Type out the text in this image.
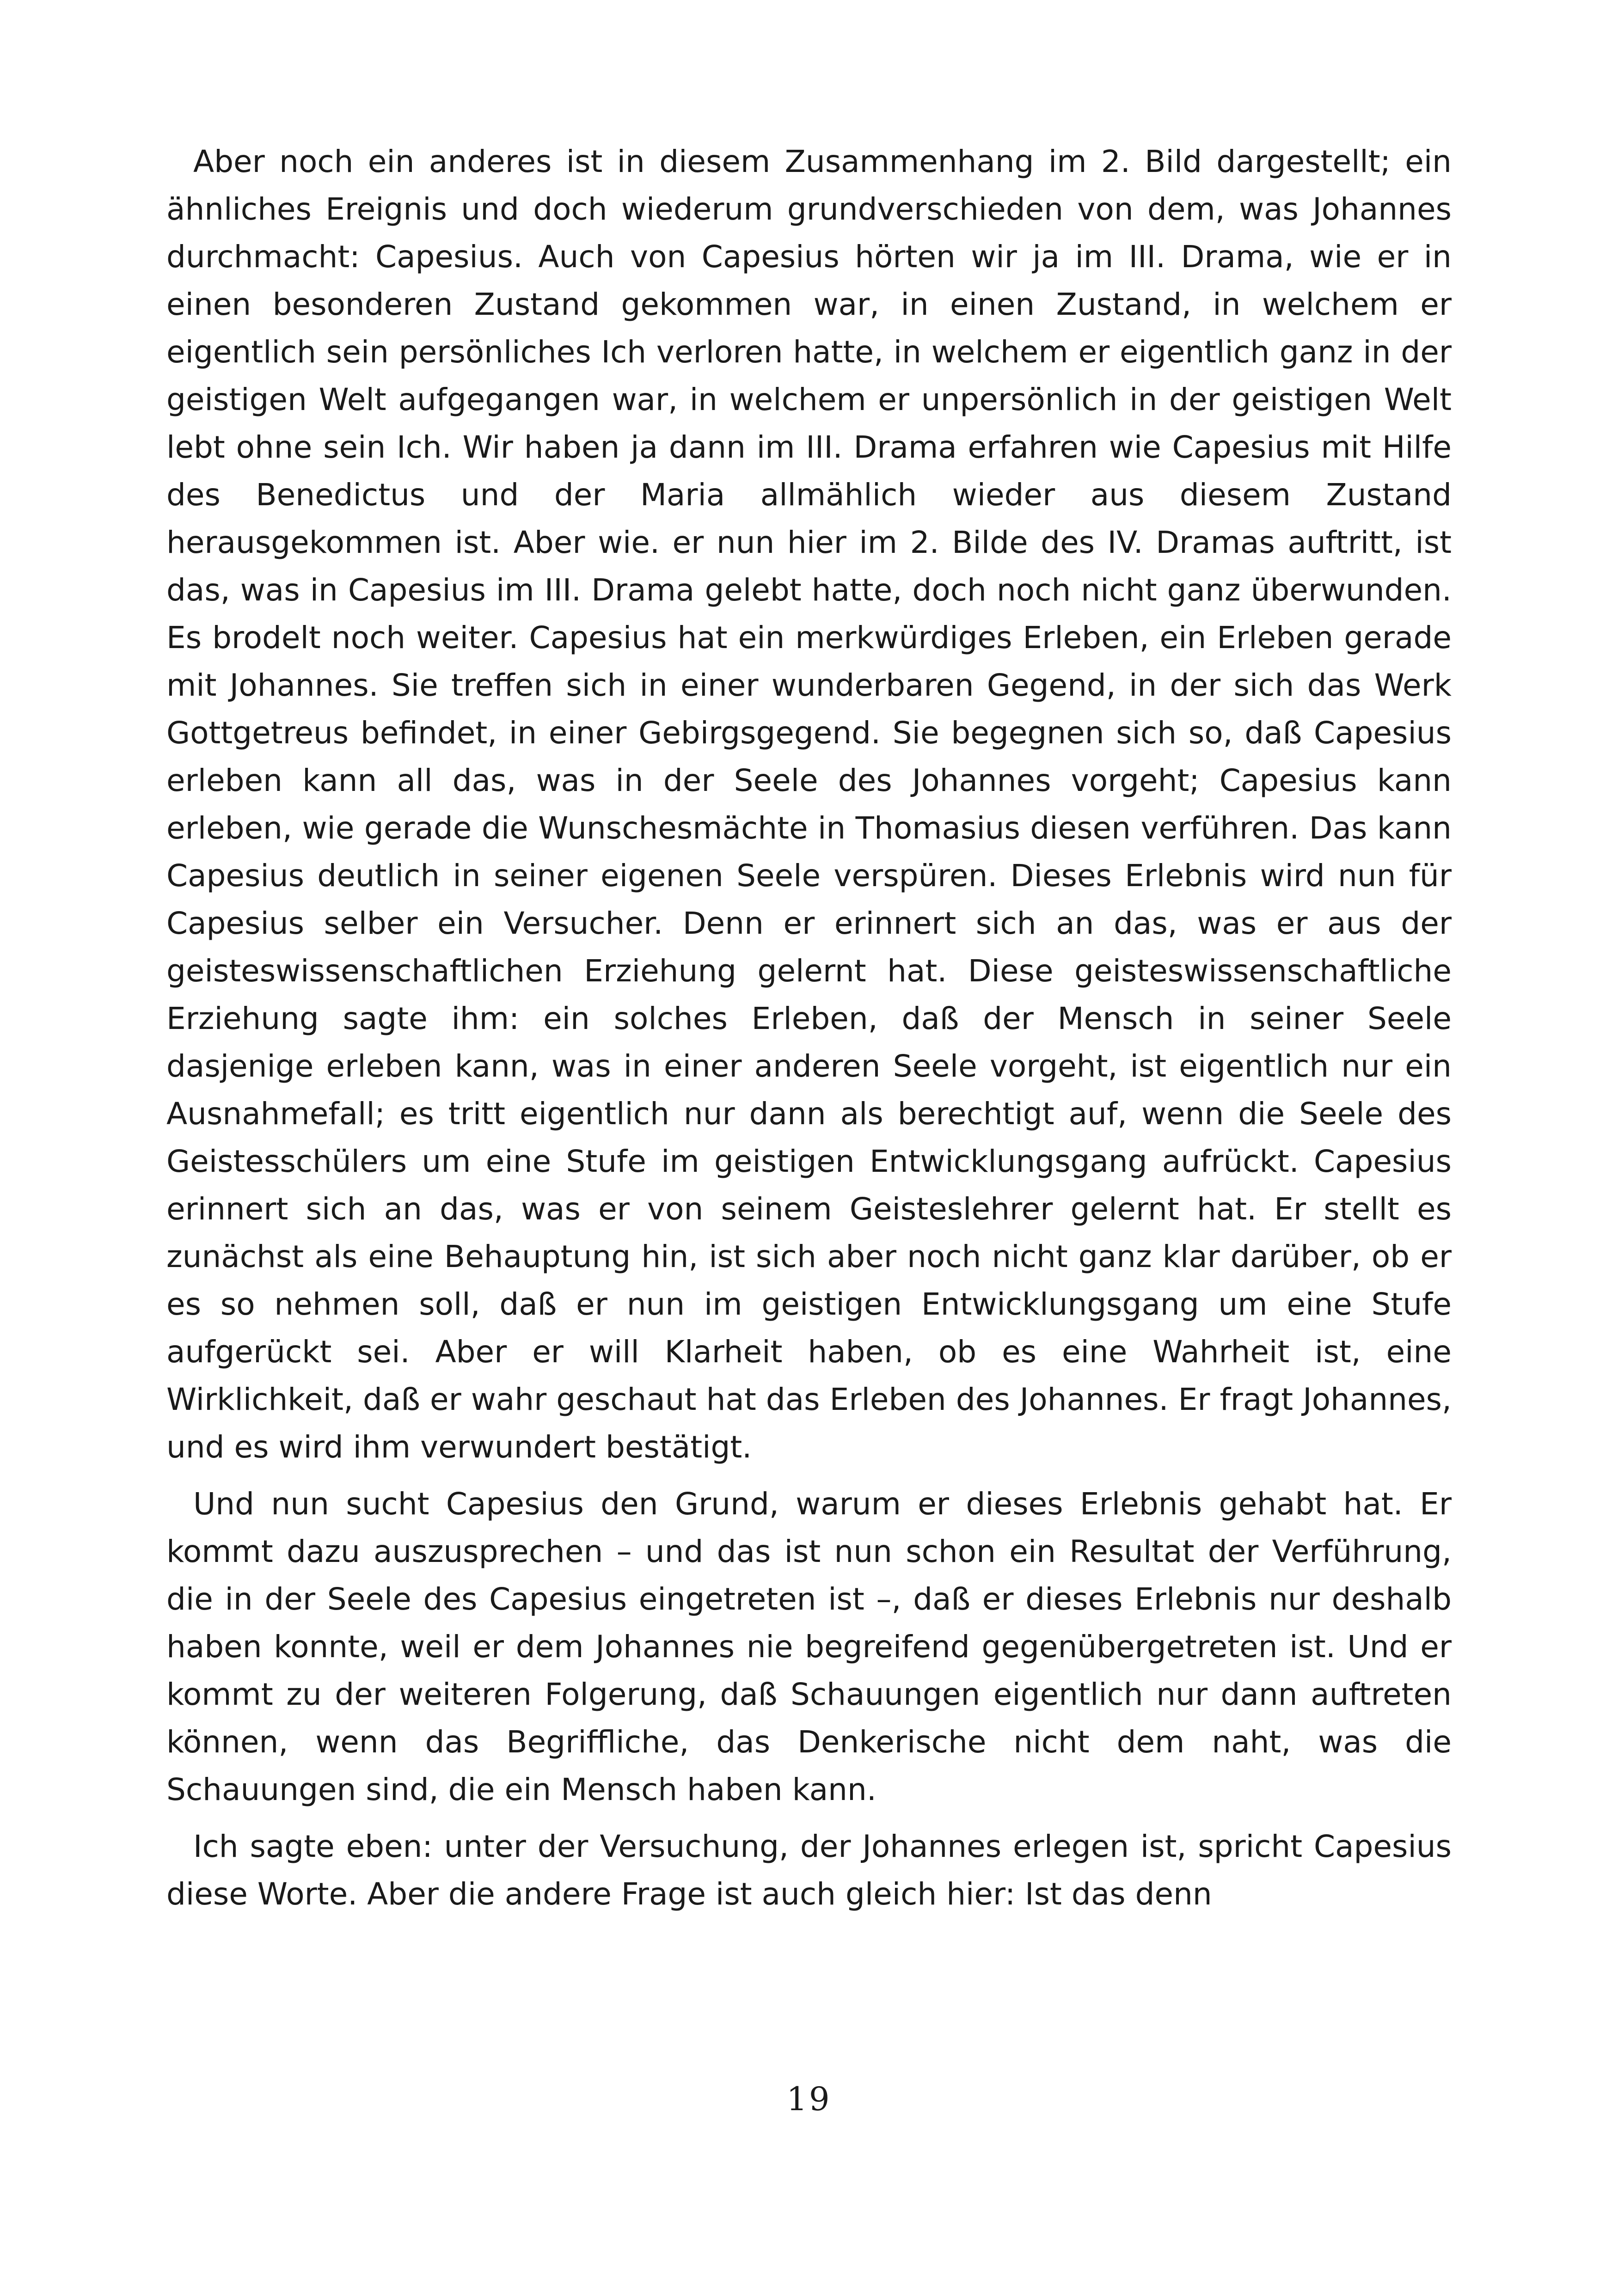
Aber noch ein anderes ist in diesem Zusammenhang im 2. Bild dargestellt; ein ähnliches Ereignis und doch wiederum grundverschieden von dem, was Johannes durchmacht: Capesius. Auch von Capesius hörten wir ja im III. Drama, wie er in einen besonderen Zustand gekommen war, in einen Zustand, in welchem er eigentlich sein persönliches Ich verloren hatte, in welchem er eigentlich ganz in der geistigen Welt aufgegangen war, in welchem er unpersönlich in der geistigen Welt lebt ohne sein Ich. Wir haben ja dann im III. Drama erfahren wie Capesius mit Hilfe des Benedictus und der Maria allmählich wieder aus diesem Zustand herausgekommen ist. Aber wie. er nun hier im 2. Bilde des IV. Dramas auftritt, ist das, was in Capesius im III. Drama gelebt hatte, doch noch nicht ganz überwunden. Es brodelt noch weiter. Capesius hat ein merkwürdiges Erleben, ein Erleben gerade mit Johannes. Sie treffen sich in einer wunderbaren Gegend, in der sich das Werk Gottgetreus befindet, in einer Gebirgsgegend. Sie begegnen sich so, daß Capesius erleben kann all das, was in der Seele des Johannes vorgeht; Capesius kann erleben, wie gerade die Wunschesmächte in Thomasius diesen verführen. Das kann Capesius deutlich in seiner eigenen Seele verspüren. Dieses Erlebnis wird nun für Capesius selber ein Versucher. Denn er erinnert sich an das, was er aus der geisteswissenschaftlichen Erziehung gelernt hat. Diese geisteswissenschaftliche Erziehung sagte ihm: ein solches Erleben, daß der Mensch in seiner Seele dasjenige erleben kann, was in einer anderen Seele vorgeht, ist eigentlich nur ein Ausnahmefall; es tritt eigentlich nur dann als berechtigt auf, wenn die Seele des Geistesschülers um eine Stufe im geistigen Entwicklungsgang aufrückt. Capesius erinnert sich an das, was er von seinem Geisteslehrer gelernt hat. Er stellt es zunächst als eine Behauptung hin, ist sich aber noch nicht ganz klar darüber, ob er es so nehmen soll, daß er nun im geistigen Entwicklungsgang um eine Stufe aufgerückt sei. Aber er will Klarheit haben, ob es eine Wahrheit ist, eine Wirklichkeit, daß er wahr geschaut hat das Erleben des Johannes. Er fragt Johannes, und es wird ihm verwundert bestätigt.

Und nun sucht Capesius den Grund, warum er dieses Erlebnis gehabt hat. Er kommt dazu auszusprechen – und das ist nun schon ein Resultat der Verführung, die in der Seele des Capesius eingetreten ist –, daß er dieses Erlebnis nur deshalb haben konnte, weil er dem Johannes nie begreifend gegenübergetreten ist. Und er kommt zu der weiteren Folgerung, daß Schauungen eigentlich nur dann auftreten können, wenn das Begriffliche, das Denkerische nicht dem naht, was die Schauungen sind, die ein Mensch haben kann.

Ich sagte eben: unter der Versuchung, der Johannes erlegen ist, spricht Capesius diese Worte. Aber die andere Frage ist auch gleich hier: Ist das denn

19
